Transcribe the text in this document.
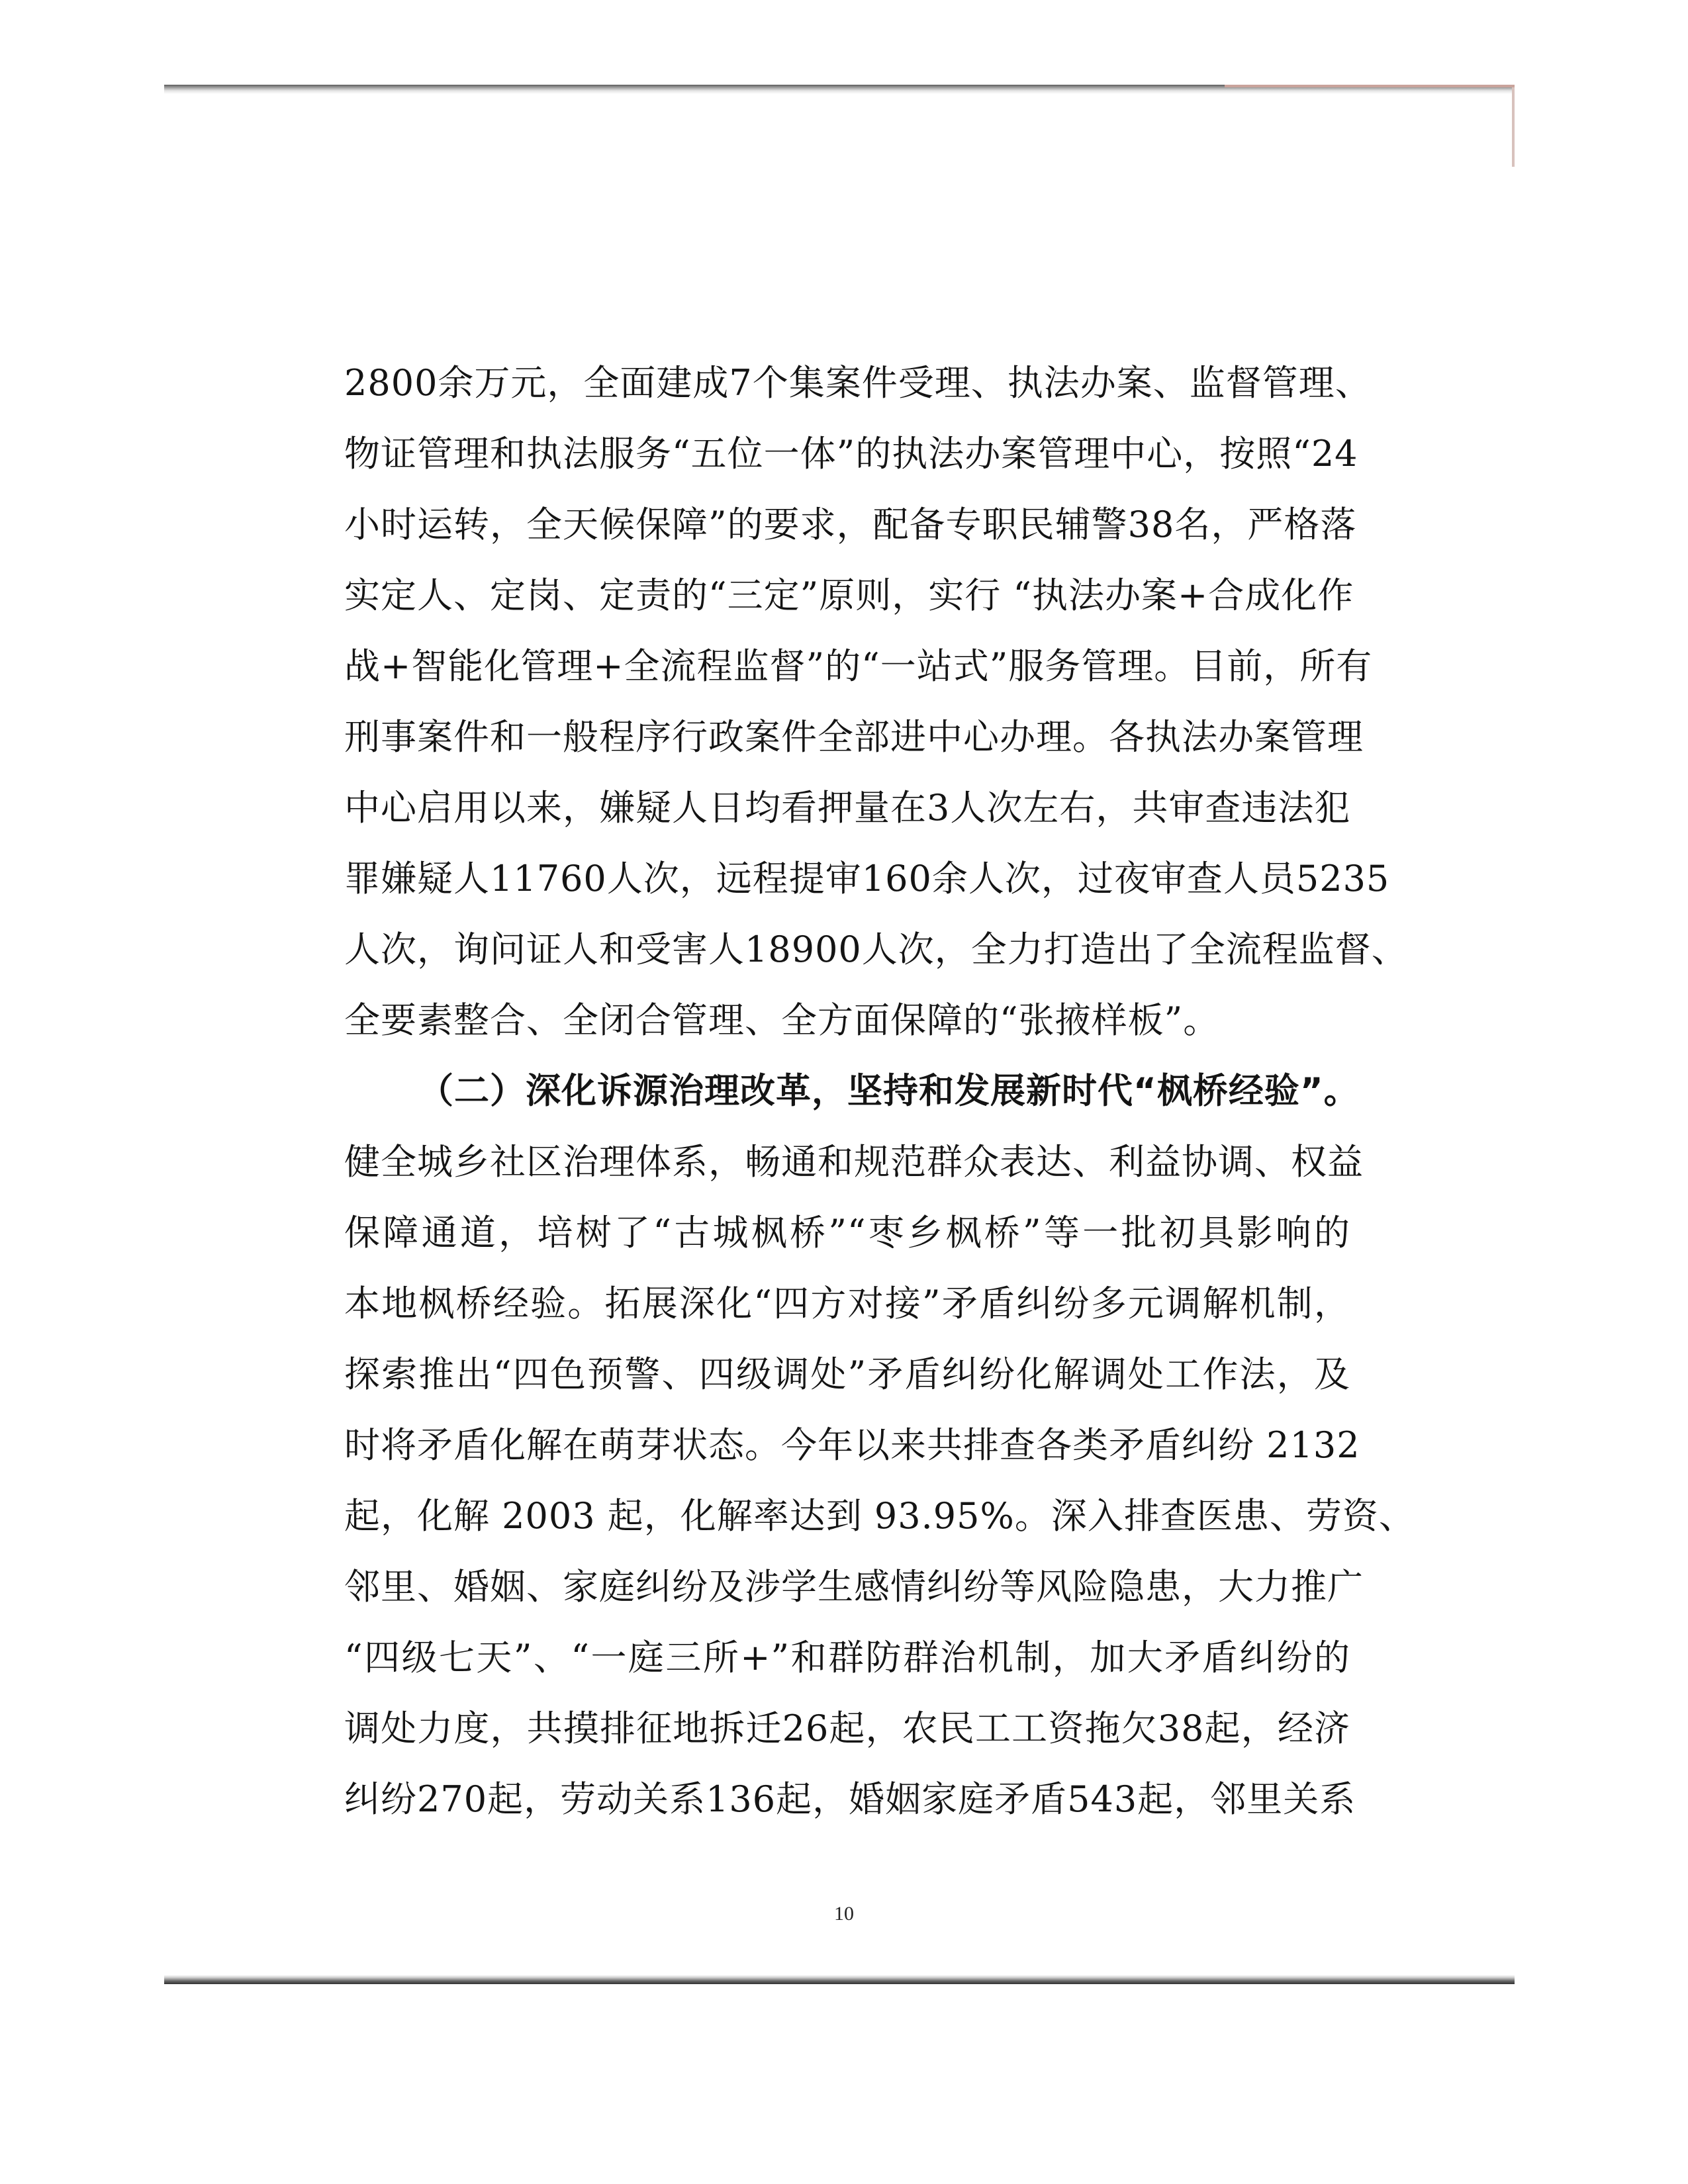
2800余万元，全面建成7个集案件受理、执法办案、监督管理、
物证管理和执法服务“五位一体”的执法办案管理中心，按照“24
小时运转，全天候保障”的要求，配备专职民辅警38名，严格落
实定人、定岗、定责的“三定”原则，实行 “执法办案+合成化作
战+智能化管理+全流程监督”的“一站式”服务管理。目前，所有
刑事案件和一般程序行政案件全部进中心办理。各执法办案管理
中心启用以来，嫌疑人日均看押量在3人次左右，共审查违法犯
罪嫌疑人11760人次，远程提审160余人次，过夜审查人员5235
人次，询问证人和受害人18900人次，全力打造出了全流程监督、
全要素整合、全闭合管理、全方面保障的“张掖样板”。
（二）深化诉源治理改革，坚持和发展新时代“枫桥经验”。
健全城乡社区治理体系，畅通和规范群众表达、利益协调、权益
保障通道，培树了“古城枫桥”“枣乡枫桥”等一批初具影响的
本地枫桥经验。拓展深化“四方对接”矛盾纠纷多元调解机制，
探索推出“四色预警、四级调处”矛盾纠纷化解调处工作法，及
时将矛盾化解在萌芽状态。今年以来共排查各类矛盾纠纷 2132
起，化解 2003 起，化解率达到 93.95%。深入排查医患、劳资、
邻里、婚姻、家庭纠纷及涉学生感情纠纷等风险隐患，大力推广
“四级七天”、“一庭三所+”和群防群治机制，加大矛盾纠纷的
调处力度，共摸排征地拆迁26起，农民工工资拖欠38起，经济
纠纷270起，劳动关系136起，婚姻家庭矛盾543起，邻里关系
10
